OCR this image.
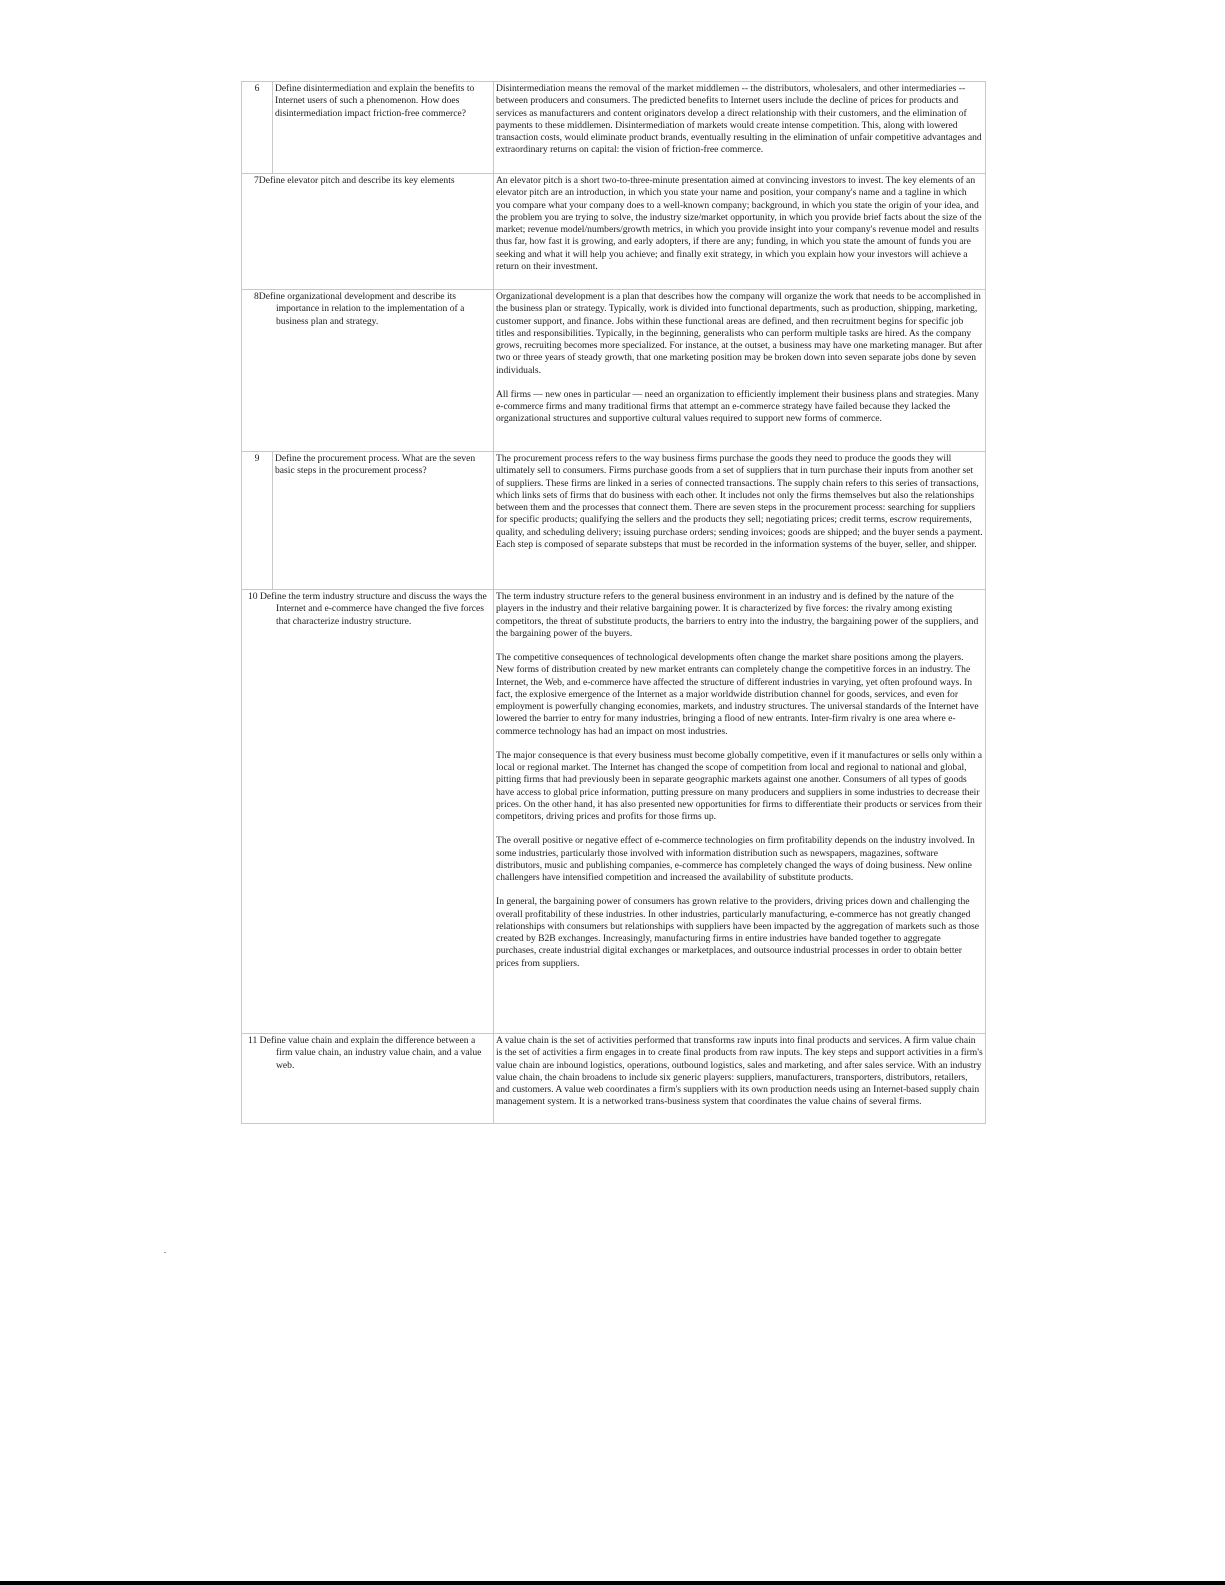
6	Define disintermediation and explain the benefits to Internet users of such a phenomenon. How does disintermediation impact friction-free commerce?	Disintermediation means the removal of the market middlemen -- the distributors, wholesalers, and other intermediaries -- between producers and consumers. The predicted benefits to Internet users include the decline of prices for products and services as manufacturers and content originators develop a direct relationship with their customers, and the elimination of payments to these middlemen. Disintermediation of markets would create intense competition. This, along with lowered transaction costs, would eliminate product brands, eventually resulting in the elimination of unfair competitive advantages and extraordinary returns on capital: the vision of friction-free commerce.

7Define elevator pitch and describe its key elements		An elevator pitch is a short two-to-three-minute presentation aimed at convincing investors to invest. The key elements of an elevator pitch are an introduction, in which you state your name and position, your company's name and a tagline in which you compare what your company does to a well-known company; background, in which you state the origin of your idea, and the problem you are trying to solve, the industry size/market opportunity, in which you provide brief facts about the size of the market; revenue model/numbers/growth metrics, in which you provide insight into your company's revenue model and results thus far, how fast it is growing, and early adopters, if there are any; funding, in which you state the amount of funds you are seeking and what it will help you achieve; and finally exit strategy, in which you explain how your investors will achieve a return on their investment.

8Define organizational development and describe its importance in relation to the implementation of a business plan and strategy.		Organizational development is a plan that describes how the company will organize the work that needs to be accomplished in the business plan or strategy. Typically, work is divided into functional departments, such as production, shipping, marketing, customer support, and finance. Jobs within these functional areas are defined, and then recruitment begins for specific job titles and responsibilities. Typically, in the beginning, generalists who can perform multiple tasks are hired. As the company grows, recruiting becomes more specialized. For instance, at the outset, a business may have one marketing manager. But after two or three years of steady growth, that one marketing position may be broken down into seven separate jobs done by seven individuals.

All firms — new ones in particular — need an organization to efficiently implement their business plans and strategies. Many e-commerce firms and many traditional firms that attempt an e-commerce strategy have failed because they lacked the organizational structures and supportive cultural values required to support new forms of commerce.

9	Define the procurement process. What are the seven basic steps in the procurement process?	The procurement process refers to the way business firms purchase the goods they need to produce the goods they will ultimately sell to consumers. Firms purchase goods from a set of suppliers that in turn purchase their inputs from another set of suppliers. These firms are linked in a series of connected transactions. The supply chain refers to this series of transactions, which links sets of firms that do business with each other. It includes not only the firms themselves but also the relationships between them and the processes that connect them. There are seven steps in the procurement process: searching for suppliers for specific products; qualifying the sellers and the products they sell; negotiating prices; credit terms, escrow requirements, quality, and scheduling delivery; issuing purchase orders; sending invoices; goods are shipped; and the buyer sends a payment. Each step is composed of separate substeps that must be recorded in the information systems of the buyer, seller, and shipper.

10 Define the term industry structure and discuss the ways the Internet and e-commerce have changed the five forces that characterize industry structure.		The term industry structure refers to the general business environment in an industry and is defined by the nature of the players in the industry and their relative bargaining power. It is characterized by five forces: the rivalry among existing competitors, the threat of substitute products, the barriers to entry into the industry, the bargaining power of the suppliers, and the bargaining power of the buyers.

The competitive consequences of technological developments often change the market share positions among the players. New forms of distribution created by new market entrants can completely change the competitive forces in an industry. The Internet, the Web, and e-commerce have affected the structure of different industries in varying, yet often profound ways. In fact, the explosive emergence of the Internet as a major worldwide distribution channel for goods, services, and even for employment is powerfully changing economies, markets, and industry structures. The universal standards of the Internet have lowered the barrier to entry for many industries, bringing a flood of new entrants. Inter-firm rivalry is one area where e-commerce technology has had an impact on most industries.

The major consequence is that every business must become globally competitive, even if it manufactures or sells only within a local or regional market. The Internet has changed the scope of competition from local and regional to national and global, pitting firms that had previously been in separate geographic markets against one another. Consumers of all types of goods have access to global price information, putting pressure on many producers and suppliers in some industries to decrease their prices. On the other hand, it has also presented new opportunities for firms to differentiate their products or services from their competitors, driving prices and profits for those firms up.

The overall positive or negative effect of e-commerce technologies on firm profitability depends on the industry involved. In some industries, particularly those involved with information distribution such as newspapers, magazines, software distributors, music and publishing companies, e-commerce has completely changed the ways of doing business. New online challengers have intensified competition and increased the availability of substitute products.

In general, the bargaining power of consumers has grown relative to the providers, driving prices down and challenging the overall profitability of these industries. In other industries, particularly manufacturing, e-commerce has not greatly changed relationships with consumers but relationships with suppliers have been impacted by the aggregation of markets such as those created by B2B exchanges. Increasingly, manufacturing firms in entire industries have banded together to aggregate purchases, create industrial digital exchanges or marketplaces, and outsource industrial processes in order to obtain better prices from suppliers.

11 Define value chain and explain the difference between a firm value chain, an industry value chain, and a value web.		A value chain is the set of activities performed that transforms raw inputs into final products and services. A firm value chain is the set of activities a firm engages in to create final products from raw inputs. The key steps and support activities in a firm's value chain are inbound logistics, operations, outbound logistics, sales and marketing, and after sales service. With an industry value chain, the chain broadens to include six generic players: suppliers, manufacturers, transporters, distributors, retailers, and customers. A value web coordinates a firm's suppliers with its own production needs using an Internet-based supply chain management system. It is a networked trans-business system that coordinates the value chains of several firms.
